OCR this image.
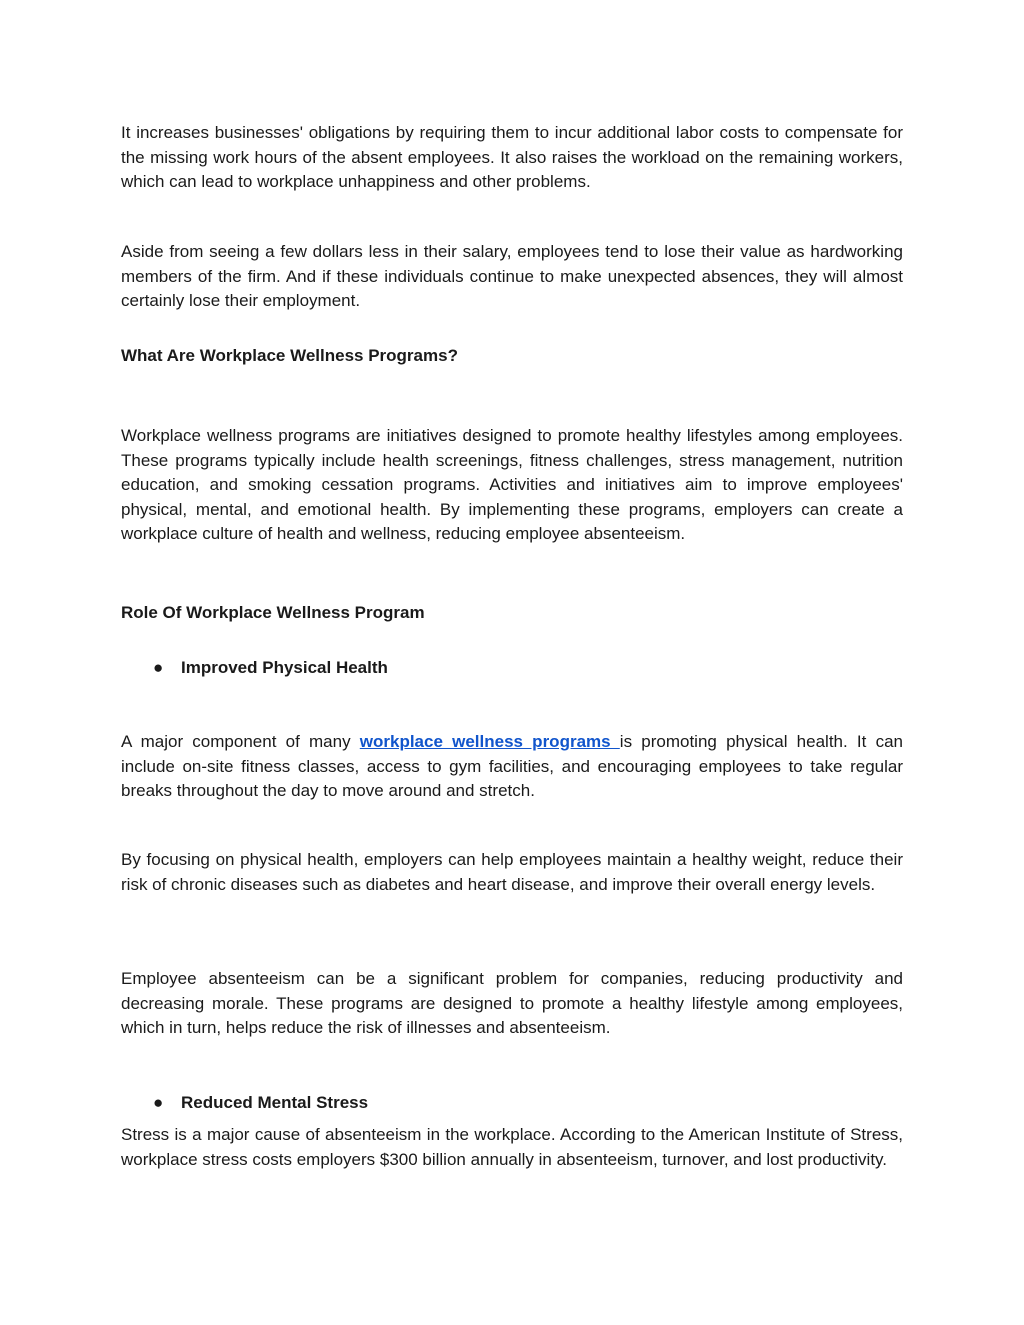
It increases businesses' obligations by requiring them to incur additional labor costs to compensate for the missing work hours of the absent employees. It also raises the workload on the remaining workers, which can lead to workplace unhappiness and other problems.

Aside from seeing a few dollars less in their salary, employees tend to lose their value as hardworking members of the firm. And if these individuals continue to make unexpected absences, they will almost certainly lose their employment.

What Are Workplace Wellness Programs?

Workplace wellness programs are initiatives designed to promote healthy lifestyles among employees. These programs typically include health screenings, fitness challenges, stress management, nutrition education, and smoking cessation programs. Activities and initiatives aim to improve employees' physical, mental, and emotional health. By implementing these programs, employers can create a workplace culture of health and wellness, reducing employee absenteeism.

Role Of Workplace Wellness Program

● Improved Physical Health

A major component of many workplace wellness programs is promoting physical health. It can include on-site fitness classes, access to gym facilities, and encouraging employees to take regular breaks throughout the day to move around and stretch.

By focusing on physical health, employers can help employees maintain a healthy weight, reduce their risk of chronic diseases such as diabetes and heart disease, and improve their overall energy levels.

Employee absenteeism can be a significant problem for companies, reducing productivity and decreasing morale. These programs are designed to promote a healthy lifestyle among employees, which in turn, helps reduce the risk of illnesses and absenteeism.

● Reduced Mental Stress

Stress is a major cause of absenteeism in the workplace. According to the American Institute of Stress, workplace stress costs employers $300 billion annually in absenteeism, turnover, and lost productivity.
